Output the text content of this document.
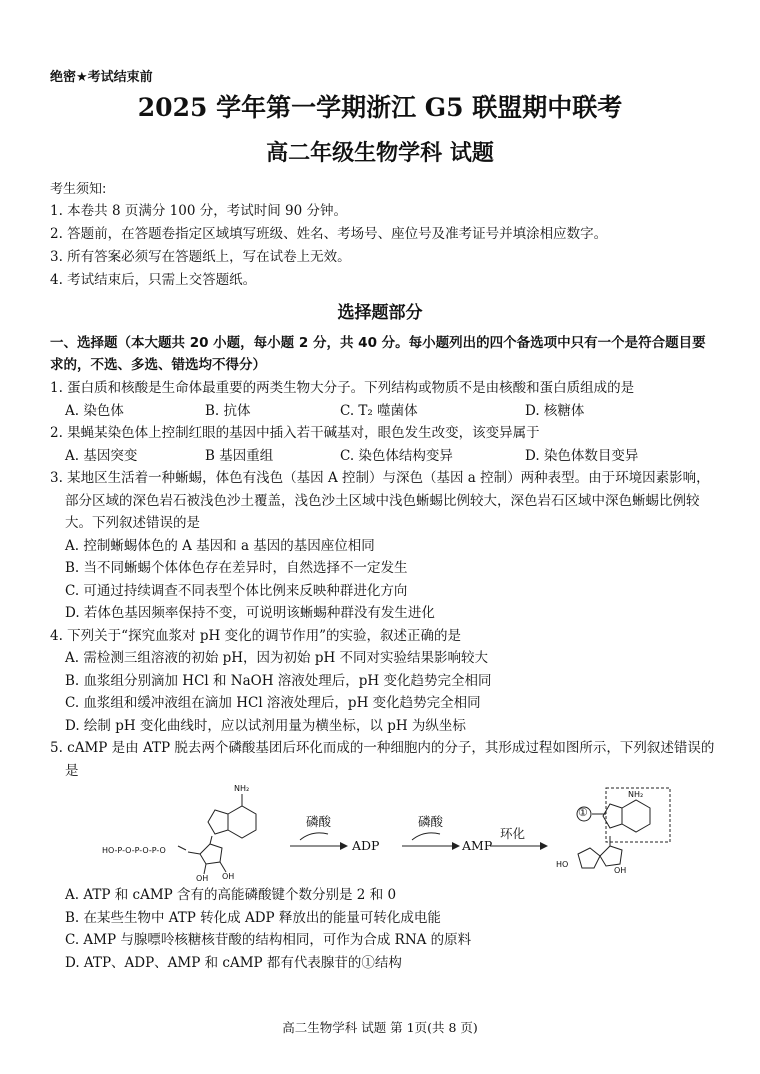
绝密★考试结束前
2025 学年第一学期浙江 G5 联盟期中联考
高二年级生物学科 试题
考生须知:
1. 本卷共 8 页满分 100 分，考试时间 90 分钟。
2. 答题前，在答题卷指定区域填写班级、姓名、考场号、座位号及准考证号并填涂相应数字。
3. 所有答案必须写在答题纸上，写在试卷上无效。
4. 考试结束后，只需上交答题纸。
选择题部分
一、选择题（本大题共 20 小题，每小题 2 分，共 40 分。每小题列出的四个备选项中只有一个是符合题目要求的，不选、多选、错选均不得分）
1. 蛋白质和核酸是生命体最重要的两类生物大分子。下列结构或物质不是由核酸和蛋白质组成的是
A. 染色体	B. 抗体	C. T₂ 噬菌体	D. 核糖体
2. 果蝇某染色体上控制红眼的基因中插入若干碱基对，眼色发生改变，该变异属于
A. 基因突变	B 基因重组	C. 染色体结构变异	D. 染色体数目变异
3. 某地区生活着一种蜥蜴，体色有浅色（基因 A 控制）与深色（基因 a 控制）两种表型。由于环境因素影响，部分区域的深色岩石被浅色沙土覆盖，浅色沙土区域中浅色蜥蜴比例较大，深色岩石区域中深色蜥蜴比例较大。下列叙述错误的是
A. 控制蜥蜴体色的 A 基因和 a 基因的基因座位相同
B. 当不同蜥蜴个体体色存在差异时，自然选择不一定发生
C. 可通过持续调查不同表型个体比例来反映种群进化方向
D. 若体色基因频率保持不变，可说明该蜥蜴种群没有发生进化
4. 下列关于“探究血浆对 pH 变化的调节作用”的实验，叙述正确的是
A. 需检测三组溶液的初始 pH，因为初始 pH 不同对实验结果影响较大
B. 血浆组分别滴加 HCl 和 NaOH 溶液处理后，pH 变化趋势完全相同
C. 血浆组和缓冲液组在滴加 HCl 溶液处理后，pH 变化趋势完全相同
D. 绘制 pH 变化曲线时，应以试剂用量为横坐标，以 pH 为纵坐标
5. cAMP 是由 ATP 脱去两个磷酸基团后环化而成的一种细胞内的分子，其形成过程如图所示，下列叙述错误的是
HO-P-O-P-O-P-O
NH₂
OH OH
磷酸
ADP
磷酸
AMP
环化
①
NH₂
HO
OH
A. ATP 和 cAMP 含有的高能磷酸键个数分别是 2 和 0
B. 在某些生物中 ATP 转化成 ADP 释放出的能量可转化成电能
C. AMP 与腺嘌呤核糖核苷酸的结构相同，可作为合成 RNA 的原料
D. ATP、ADP、AMP 和 cAMP 都有代表腺苷的①结构
高二生物学科 试题 第 1页(共 8 页)
